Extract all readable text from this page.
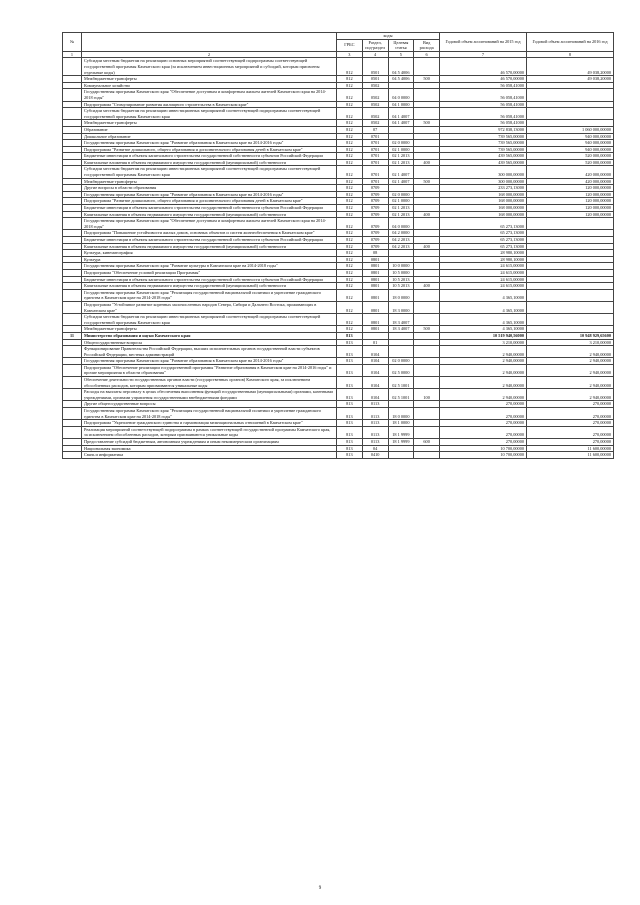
№		коды				Годовой объем ассигнований на 2015 год	Годовой объем ассигнований на 2016 год
		ГРБС	Раздел, под-раздел	Целевая статья	Вид расхода		
1	2	3	4	5	6	7	8
	Субсидии местным бюджетам на реализацию основных мероприятий соответствующей подпрограммы соответствующей государственной программы Камчатского края (за исключением инвестиционных мероприятий и субсидий, которым присвоены отдельные коды)	812	0501	04 5 4006		46 570,00000	49 038,20000
	Межбюджетные трансферты	812	0501	04 5 4006	500	46 570,00000	49 038,20000
	Коммунальное хозяйство	812	0502			56 058,41000	
	Государственная программа Камчатского края "Обеспечение доступным и комфортным жильем жителей Камчатского края на 2014-2018 годы"	812	0502	04 0 0000		56 058,41000	
	Подпрограмма "Стимулирование развития жилищного строительства в Камчатском крае"	812	0502	04 1 0000		56 058,41000	
	Субсидии местным бюджетам на реализацию инвестиционных мероприятий соответствующей подпрограммы соответствующей государственной программы Камчатского края	812	0502	04 1 4007		56 058,41000	
	Межбюджетные трансферты	812	0502	04 1 4007	500	56 058,41000	
	Образование	812	07			972 838,13000	1 060 000,00000
	Дошкольное образование	812	0701			739 565,00000	940 000,00000
	Государственная программа Камчатского края "Развитие образования в Камчатском крае на 2014-2016 годы"	812	0701	02 0 0000		739 565,00000	940 000,00000
	Подпрограмма "Развитие дошкольного, общего образования и дополнительного образования детей в Камчатском крае"	812	0701	02 1 0000		739 565,00000	940 000,00000
	Бюджетные инвестиции в объекты капитального строительства государственной собственности субъектов Российской Федерации	812	0701	02 1 2013		439 565,00000	520 000,00000
	Капитальные вложения в объекты недвижимого имущества государственной (муниципальной) собственности	812	0701	02 1 2013	400	439 565,00000	520 000,00000
	Субсидии местным бюджетам на реализацию инвестиционных мероприятий соответствующей подпрограммы соответствующей государственной программы Камчатского края	812	0701	02 1 4007		300 000,00000	420 000,00000
	Межбюджетные трансферты	812	0701	02 1 4007	500	300 000,00000	420 000,00000
	Другие вопросы в области образования	812	0709			233 273,13000	120 000,00000
	Государственная программа Камчатского края "Развитие образования в Камчатском крае на 2014-2016 годы"	812	0709	02 0 0000		168 000,00000	120 000,00000
	Подпрограмма "Развитие дошкольного, общего образования и дополнительного образования детей в Камчатском крае"	812	0709	02 1 0000		168 000,00000	120 000,00000
	Бюджетные инвестиции в объекты капитального строительства государственной собственности субъектов Российской Федерации	812	0709	02 1 2013		168 000,00000	120 000,00000
	Капитальные вложения в объекты недвижимого имущества государственной (муниципальной) собственности	812	0709	02 1 2013	400	168 000,00000	120 000,00000
	Государственная программа Камчатского края "Обеспечение доступным и комфортным жильем жителей Камчатского края на 2014-2018 годы"	812	0709	04 0 0000		65 273,13000	
	Подпрограмма "Повышение устойчивости жилых домов, основных объектов и систем жизнеобеспечения в Камчатском крае"	812	0709	04 2 0000		65 273,13000	
	Бюджетные инвестиции в объекты капитального строительства государственной собственности субъектов Российской Федерации	812	0709	04 2 2013		65 273,13000	
	Капитальные вложения в объекты недвижимого имущества государственной (муниципальной) собственности	812	0709	04 2 2013	400	65 273,13000	
	Культура, кинематография	812	08			28 980,10000	
	Культура	812	0801			28 980,10000	
	Государственная программа Камчатского края "Развитие культуры в Камчатском крае на 2014-2018 годы"	812	0801	10 0 0000		24 615,00000	
	Подпрограмма "Обеспечение условий реализации Программы"	812	0801	10 5 0000		24 615,00000	
	Бюджетные инвестиции в объекты капитального строительства государственной собственности субъектов Российской Федерации	812	0801	10 5 2013		24 615,00000	
	Капитальные вложения в объекты недвижимого имущества государственной (муниципальной) собственности	812	0801	10 5 2013	400	24 615,00000	
	Государственная программа Камчатского края "Реализация государственной национальной политики и укрепление гражданского единства в Камчатском крае на 2014-2018 годы"	812	0801	18 0 0000		4 365,10000	
	Подпрограмма "Устойчивое развитие коренных малочисленных народов Севера, Сибири и Дальнего Востока, проживающих в Камчатском крае"	812	0801	18 3 0000		4 365,10000	
	Субсидии местным бюджетам на реализацию инвестиционных мероприятий соответствующей подпрограммы соответствующей государственной программы Камчатского края	812	0801	18 3 4007		4 365,10000	
	Межбюджетные трансферты	812	0801	18 3 4007	500	4 365,10000	
11	Министерство образования и науки Камчатского края	813				10 519 940,56000	10 948 929,65600
	Общегосударственные вопросы	813	01			3 210,00000	3 210,00000
	Функционирование Правительства Российской Федерации, высших исполнительных органов государственной власти субъектов Российской Федерации, местных администраций	813	0104			2 940,00000	2 940,00000
	Государственная программа Камчатского края "Развитие образования в Камчатском крае на 2014-2016 годы"	813	0104	02 0 0000		2 940,00000	2 940,00000
	Подпрограмма "Обеспечение реализации государственной программы "Развитие образования в Камчатском крае на 2014-2016 годы" и прочие мероприятия в области образования"	813	0104	02 5 0000		2 940,00000	2 940,00000
	Обеспечение деятельности государственных органов власти (государственных органов) Камчатского края, за исключением обособленных расходов, которым присваиваются уникальные коды	813	0104	02 5 1001		2 940,00000	2 940,00000
	Расходы на выплаты персоналу в целях обеспечения выполнения функций государственными (муниципальными) органами, казенными учреждениями, органами управления государственными внебюджетными фондами	813	0104	02 5 1001	100	2 940,00000	2 940,00000
	Другие общегосударственные вопросы	813	0113			270,00000	270,00000
	Государственная программа Камчатского края "Реализация государственной национальной политики и укрепление гражданского единства в Камчатском крае на 2014-2018 годы"	813	0113	18 0 0000		270,00000	270,00000
	Подпрограмма "Укрепление гражданского единства и гармонизация межнациональных отношений в Камчатском крае"	813	0113	18 1 0000		270,00000	270,00000
	Реализация мероприятий соответствующей подпрограммы в рамках соответствующей государственной программы Камчатского края, за исключением обособленных расходов, которым присваиваются уникальные коды	813	0113	18 1 9999		270,00000	270,00000
	Предоставление субсидий бюджетным, автономным учреждениям и иным некоммерческим организациям	813	0113	18 1 9999	600	270,00000	270,00000
	Национальная экономика	813	04			10 700,00000	11 600,00000
	Связь и информатика	813	0410			10 700,00000	11 600,00000
9
